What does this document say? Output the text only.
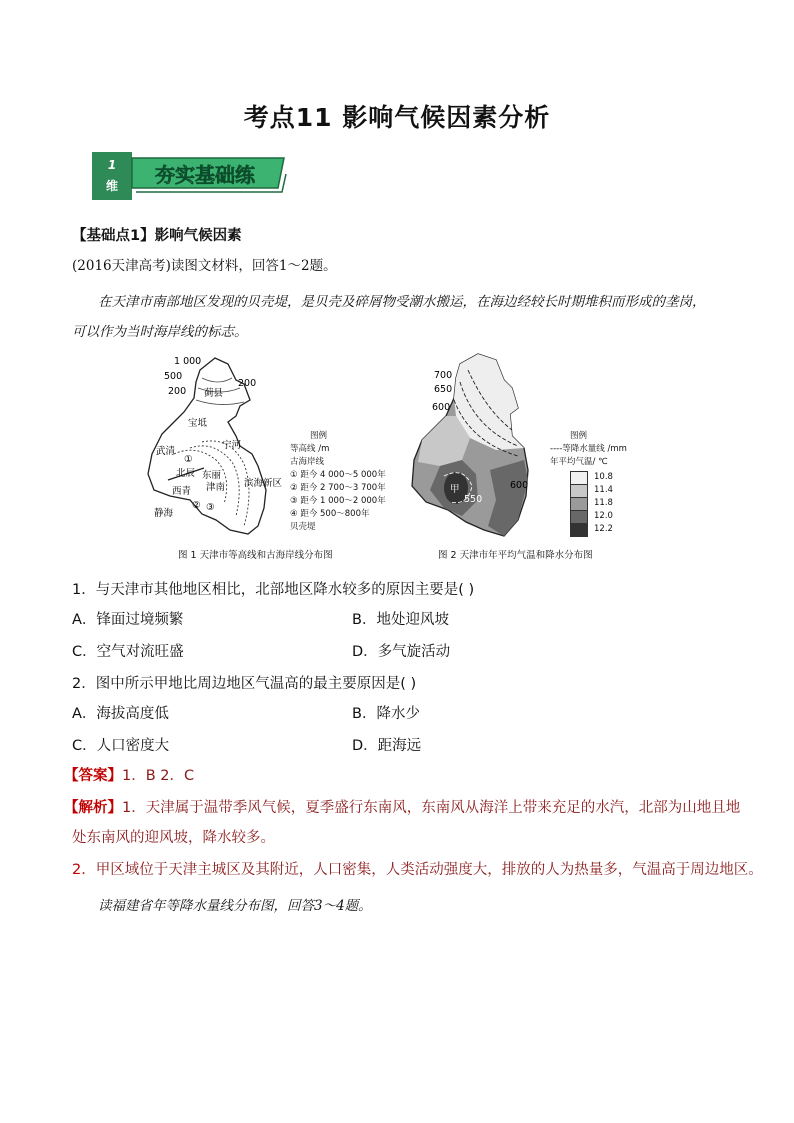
考点11 影响气候因素分析
1
维 夯实基础练
【基础点1】影响气候因素
(2016天津高考)读图文材料，回答1～2题。
在天津市南部地区发现的贝壳堤，是贝壳及碎屑物受潮水搬运，在海边经较长时期堆积而形成的垄岗，
可以作为当时海岸线的标志。
1 000
500
200
200
蓟县
宝坻
宁河
武清
北辰 东丽
津南
西青
静海
滨海新区
①
② ③
图例
等高线 /m
古海岸线
① 距今 4 000～5 000年
② 距今 2 700～3 700年
③ 距今 1 000～2 000年
④ 距今 500～800年
贝壳堤
图 1 天津市等高线和古海岸线分布图
700
650
600
600
550
甲
图例
----等降水量线 /mm
年平均气温/ ℃
10.8
11.4
11.8
12.0
12.2
图 2 天津市年平均气温和降水分布图
1．与天津市其他地区相比，北部地区降水较多的原因主要是( )
A．锋面过境频繁	B．地处迎风坡
C．空气对流旺盛	D．多气旋活动
2．图中所示甲地比周边地区气温高的最主要原因是( )
A．海拔高度低	B．降水少
C．人口密度大	D．距海远
【答案】1．B 2．C
【解析】1．天津属于温带季风气候，夏季盛行东南风，东南风从海洋上带来充足的水汽，北部为山地且地
处东南风的迎风坡，降水较多。
2．甲区域位于天津主城区及其附近，人口密集，人类活动强度大，排放的人为热量多，气温高于周边地区。
读福建省年等降水量线分布图，回答3～4题。
